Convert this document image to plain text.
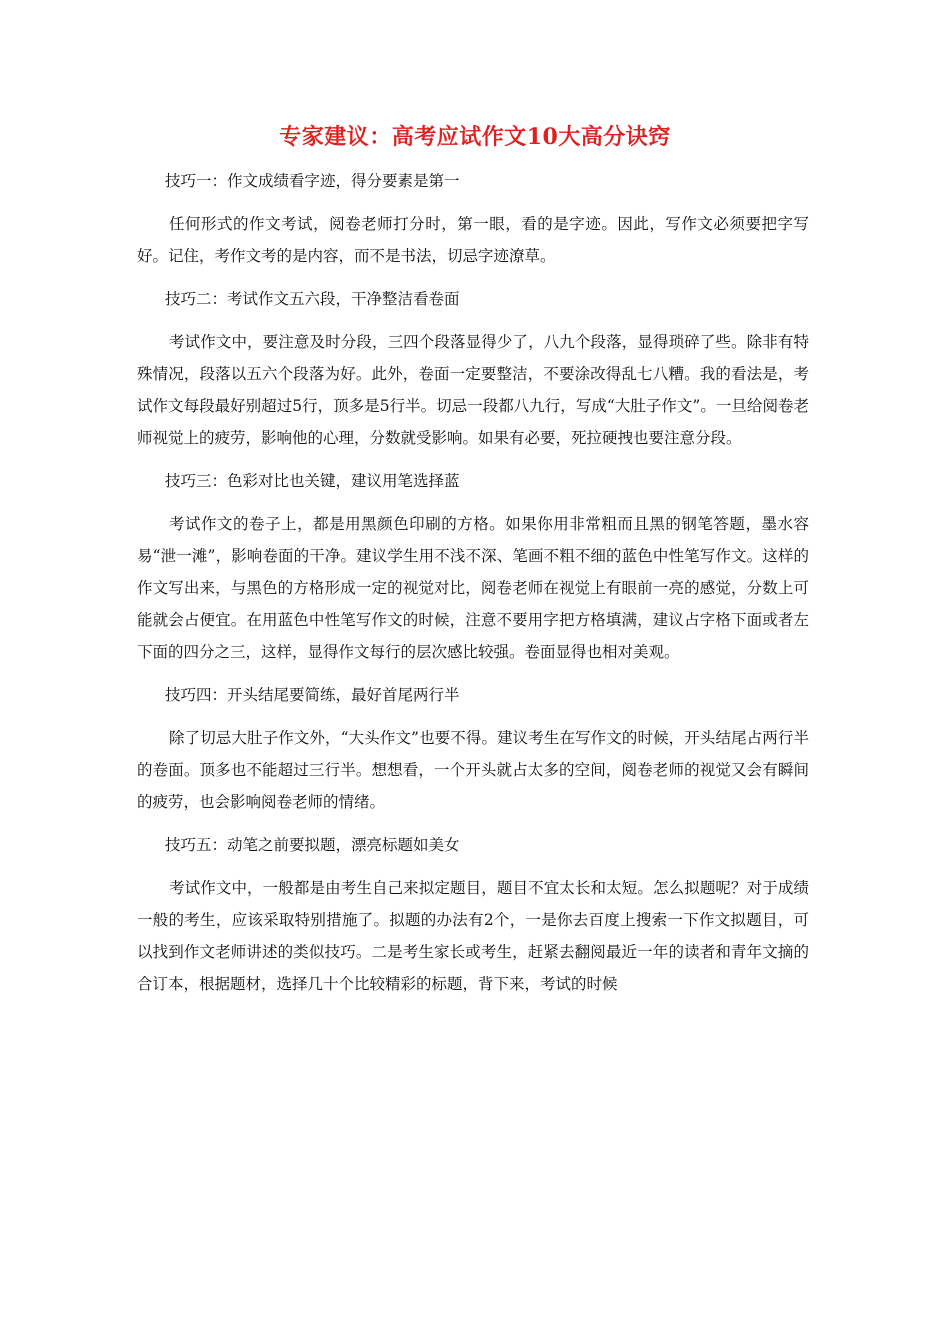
专家建议：高考应试作文10大高分诀窍

技巧一：作文成绩看字迹，得分要素是第一

任何形式的作文考试，阅卷老师打分时，第一眼，看的是字迹。因此，写作文必须要把字写好。记住，考作文考的是内容，而不是书法，切忌字迹潦草。

技巧二：考试作文五六段，干净整洁看卷面

考试作文中，要注意及时分段，三四个段落显得少了，八九个段落，显得琐碎了些。除非有特殊情况，段落以五六个段落为好。此外，卷面一定要整洁，不要涂改得乱七八糟。我的看法是，考试作文每段最好别超过5行，顶多是5行半。切忌一段都八九行，写成“大肚子作文”。一旦给阅卷老师视觉上的疲劳，影响他的心理，分数就受影响。如果有必要，死拉硬拽也要注意分段。

技巧三：色彩对比也关键，建议用笔选择蓝

考试作文的卷子上，都是用黑颜色印刷的方格。如果你用非常粗而且黑的钢笔答题，墨水容易“泄一滩”，影响卷面的干净。建议学生用不浅不深、笔画不粗不细的蓝色中性笔写作文。这样的作文写出来，与黑色的方格形成一定的视觉对比，阅卷老师在视觉上有眼前一亮的感觉，分数上可能就会占便宜。在用蓝色中性笔写作文的时候，注意不要用字把方格填满，建议占字格下面或者左下面的四分之三，这样，显得作文每行的层次感比较强。卷面显得也相对美观。

技巧四：开头结尾要简练，最好首尾两行半

除了切忌大肚子作文外，“大头作文”也要不得。建议考生在写作文的时候，开头结尾占两行半的卷面。顶多也不能超过三行半。想想看，一个开头就占太多的空间，阅卷老师的视觉又会有瞬间的疲劳，也会影响阅卷老师的情绪。

技巧五：动笔之前要拟题，漂亮标题如美女

考试作文中，一般都是由考生自己来拟定题目，题目不宜太长和太短。怎么拟题呢？对于成绩一般的考生，应该采取特别措施了。拟题的办法有2个，一是你去百度上搜索一下作文拟题目，可以找到作文老师讲述的类似技巧。二是考生家长或考生，赶紧去翻阅最近一年的读者和青年文摘的合订本，根据题材，选择几十个比较精彩的标题，背下来，考试的时候
